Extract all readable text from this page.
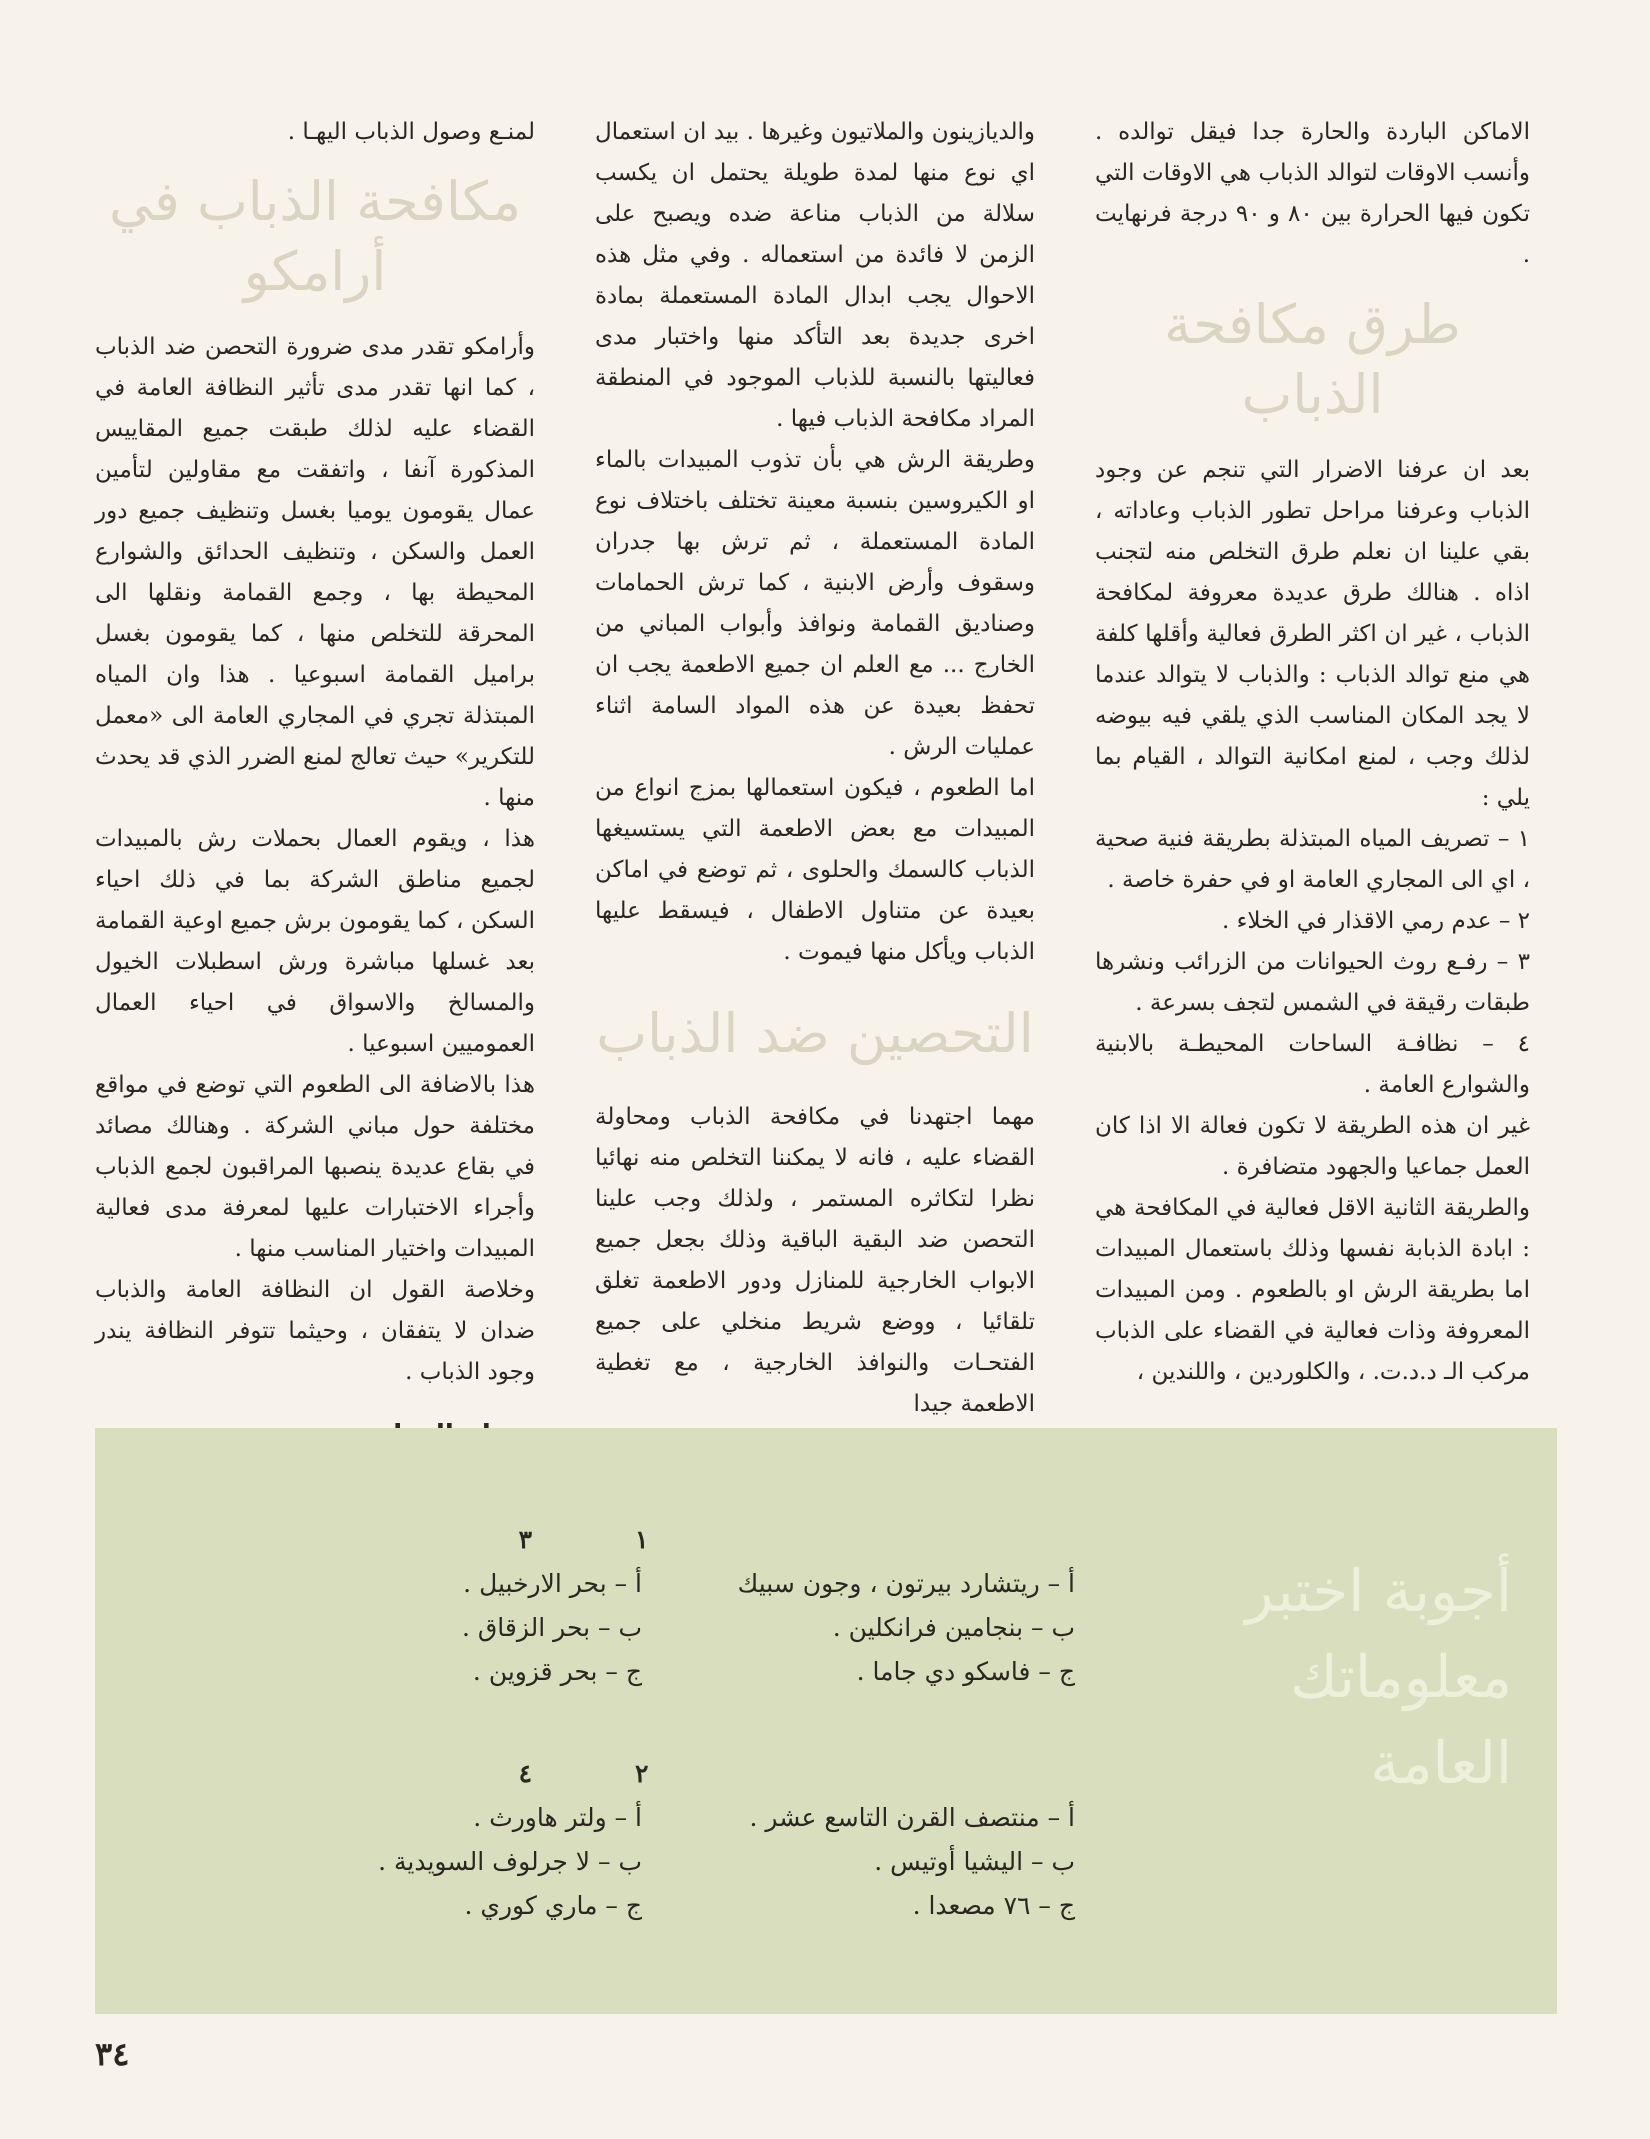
الاماكن الباردة والحارة جدا فيقل توالده . وأنسب الاوقات لتوالد الذباب هي الاوقات التي تكون فيها الحرارة بين ٨٠ و ٩٠ درجة فرنهايت .

طرق مكافحة الذباب

بعد ان عرفنا الاضرار التي تنجم عن وجود الذباب وعرفنا مراحل تطور الذباب وعاداته ، بقي علينا ان نعلم طرق التخلص منه لتجنب اذاه . هنالك طرق عديدة معروفة لمكافحة الذباب ، غير ان اكثر الطرق فعالية وأقلها كلفة هي منع توالد الذباب : والذباب لا يتوالد عندما لا يجد المكان المناسب الذي يلقي فيه بيوضه لذلك وجب ، لمنع امكانية التوالد ، القيام بما يلي :

١ – تصريف المياه المبتذلة بطريقة فنية صحية ، اي الى المجاري العامة او في حفرة خاصة .

٢ – عدم رمي الاقذار في الخلاء .

٣ – رفـع روث الحيوانات من الزرائب ونشرها طبقات رقيقة في الشمس لتجف بسرعة .

٤ – نظافـة الساحات المحيطـة بالابنية والشوارع العامة .

غير ان هذه الطريقة لا تكون فعالة الا اذا كان العمل جماعيا والجهود متضافرة .

والطريقة الثانية الاقل فعالية في المكافحة هي : ابادة الذبابة نفسها وذلك باستعمال المبيدات اما بطريقة الرش او بالطعوم . ومن المبيدات المعروفة وذات فعالية في القضاء على الذباب مركب الـ د.د.ت. ، والكلوردين ، واللندين ،

والديازينون والملاتيون وغيرها . بيد ان استعمال اي نوع منها لمدة طويلة يحتمل ان يكسب سلالة من الذباب مناعة ضده ويصبح على الزمن لا فائدة من استعماله . وفي مثل هذه الاحوال يجب ابدال المادة المستعملة بمادة اخرى جديدة بعد التأكد منها واختبار مدى فعاليتها بالنسبة للذباب الموجود في المنطقة المراد مكافحة الذباب فيها .

وطريقة الرش هي بأن تذوب المبيدات بالماء او الكيروسين بنسبة معينة تختلف باختلاف نوع المادة المستعملة ، ثم ترش بها جدران وسقوف وأرض الابنية ، كما ترش الحمامات وصناديق القمامة ونوافذ وأبواب المباني من الخارج ... مع العلم ان جميع الاطعمة يجب ان تحفظ بعيدة عن هذه المواد السامة اثناء عمليات الرش .

اما الطعوم ، فيكون استعمالها بمزج انواع من المبيدات مع بعض الاطعمة التي يستسيغها الذباب كالسمك والحلوى ، ثم توضع في اماكن بعيدة عن متناول الاطفال ، فيسقط عليها الذباب ويأكل منها فيموت .

التحصين ضد الذباب

مهما اجتهدنا في مكافحة الذباب ومحاولة القضاء عليه ، فانه لا يمكننا التخلص منه نهائيا نظرا لتكاثره المستمر ، ولذلك وجب علينا التحصن ضد البقية الباقية وذلك بجعل جميع الابواب الخارجية للمنازل ودور الاطعمة تغلق تلقائيا ، ووضع شريط منخلي على جميع الفتحـات والنوافذ الخارجية ، مع تغطية الاطعمة جيدا

لمنـع وصول الذباب اليهـا .

مكافحة الذباب في أرامكو

وأرامكو تقدر مدى ضرورة التحصن ضد الذباب ، كما انها تقدر مدى تأثير النظافة العامة في القضاء عليه لذلك طبقت جميع المقاييس المذكورة آنفا ، واتفقت مع مقاولين لتأمين عمال يقومون يوميا بغسل وتنظيف جميع دور العمل والسكن ، وتنظيف الحدائق والشوارع المحيطة بها ، وجمع القمامة ونقلها الى المحرقة للتخلص منها ، كما يقومون بغسل براميل القمامة اسبوعيا . هذا وان المياه المبتذلة تجري في المجاري العامة الى «معمل للتكرير» حيث تعالج لمنع الضرر الذي قد يحدث منها .

هذا ، ويقوم العمال بحملات رش بالمبيدات لجميع مناطق الشركة بما في ذلك احياء السكن ، كما يقومون برش جميع اوعية القمامة بعد غسلها مباشرة ورش اسطبلات الخيول والمسالخ والاسواق في احياء العمال العموميين اسبوعيا .

هذا بالاضافة الى الطعوم التي توضع في مواقع مختلفة حول مباني الشركة . وهنالك مصائد في بقاع عديدة ينصبها المراقبون لجمع الذباب وأجراء الاختبارات عليها لمعرفة مدى فعالية المبيدات واختيار المناسب منها .

وخلاصة القول ان النظافة العامة والذباب ضدان لا يتفقان ، وحيثما تتوفر النظافة يندر وجود الذباب .

أجوبة اختبر معلوماتك العامة
١
أ – ريتشارد بيرتون ، وجون سبيك
ب – بنجامين فرانكلين .
ج – فاسكو دي جاما .
٢
أ – منتصف القرن التاسع عشر .
ب – اليشيا أوتيس .
ج – ٧٦ مصعدا .
٣
أ – بحر الارخبيل .
ب – بحر الزقاق .
ج – بحر قزوين .
٤
أ – ولتر هاورث .
ب – لا جرلوف السويدية .
ج – ماري كوري .
٣٤
